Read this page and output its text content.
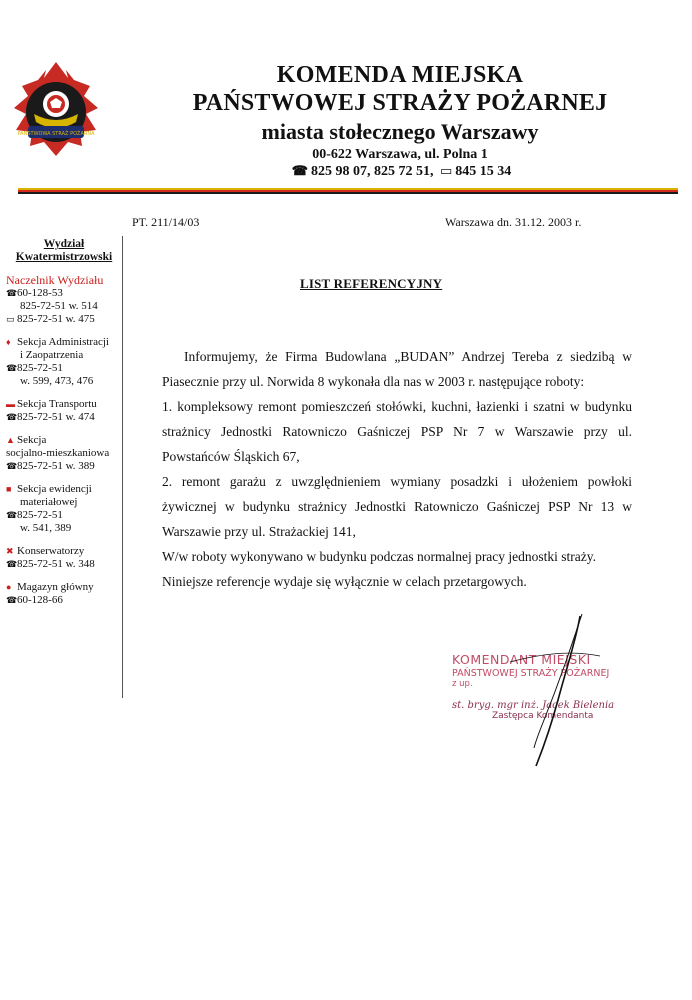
PAŃSTWOWA STRAŻ POŻARNA
KOMENDA MIEJSKA
PAŃSTWOWEJ STRAŻY POŻARNEJ
miasta stołecznego Warszawy
00-622 Warszawa, ul. Polna 1
☎ 825 98 07, 825 72 51, ▭ 845 15 34
PT. 211/14/03	Warszawa dn. 31.12. 2003 r.
Wydział
Kwatermistrzowski
Naczelnik Wydziału
☎60-128-53
825-72-51 w. 514
▭ 825-72-51 w. 475
♦ Sekcja Administracji
i Zaopatrzenia
☎825-72-51
w. 599, 473, 476
▬ Sekcja Transportu
☎825-72-51 w. 474
▲ Sekcja
socjalno-mieszkaniowa
☎825-72-51 w. 389
■ Sekcja ewidencji
materiałowej
☎825-72-51
w. 541, 389
✖ Konserwatorzy
☎825-72-51 w. 348
● Magazyn główny
☎60-128-66
LIST REFERENCYJNY

Informujemy, że Firma Budowlana „BUDAN” Andrzej Tereba z siedzibą w Piasecznie przy ul. Norwida 8 wykonała dla nas w 2003 r. następujące roboty:

1. kompleksowy remont pomieszczeń stołówki, kuchni, łazienki i szatni w budynku strażnicy Jednostki Ratowniczo Gaśniczej PSP Nr 7 w Warszawie przy ul. Powstańców Śląskich 67,

2. remont garażu z uwzględnieniem wymiany posadzki i ułożeniem powłoki żywicznej w budynku strażnicy Jednostki Ratowniczo Gaśniczej PSP Nr 13 w Warszawie przy ul. Strażackiej 141,

W/w roboty wykonywano w budynku podczas normalnej pracy jednostki straży.

Niniejsze referencje wydaje się wyłącznie w celach przetargowych.

KOMENDANT MIEJSKI
PAŃSTWOWEJ STRAŻY POŻARNEJ
z up.
st. bryg. mgr inż. Jacek Bielenia
Zastępca Komendanta
